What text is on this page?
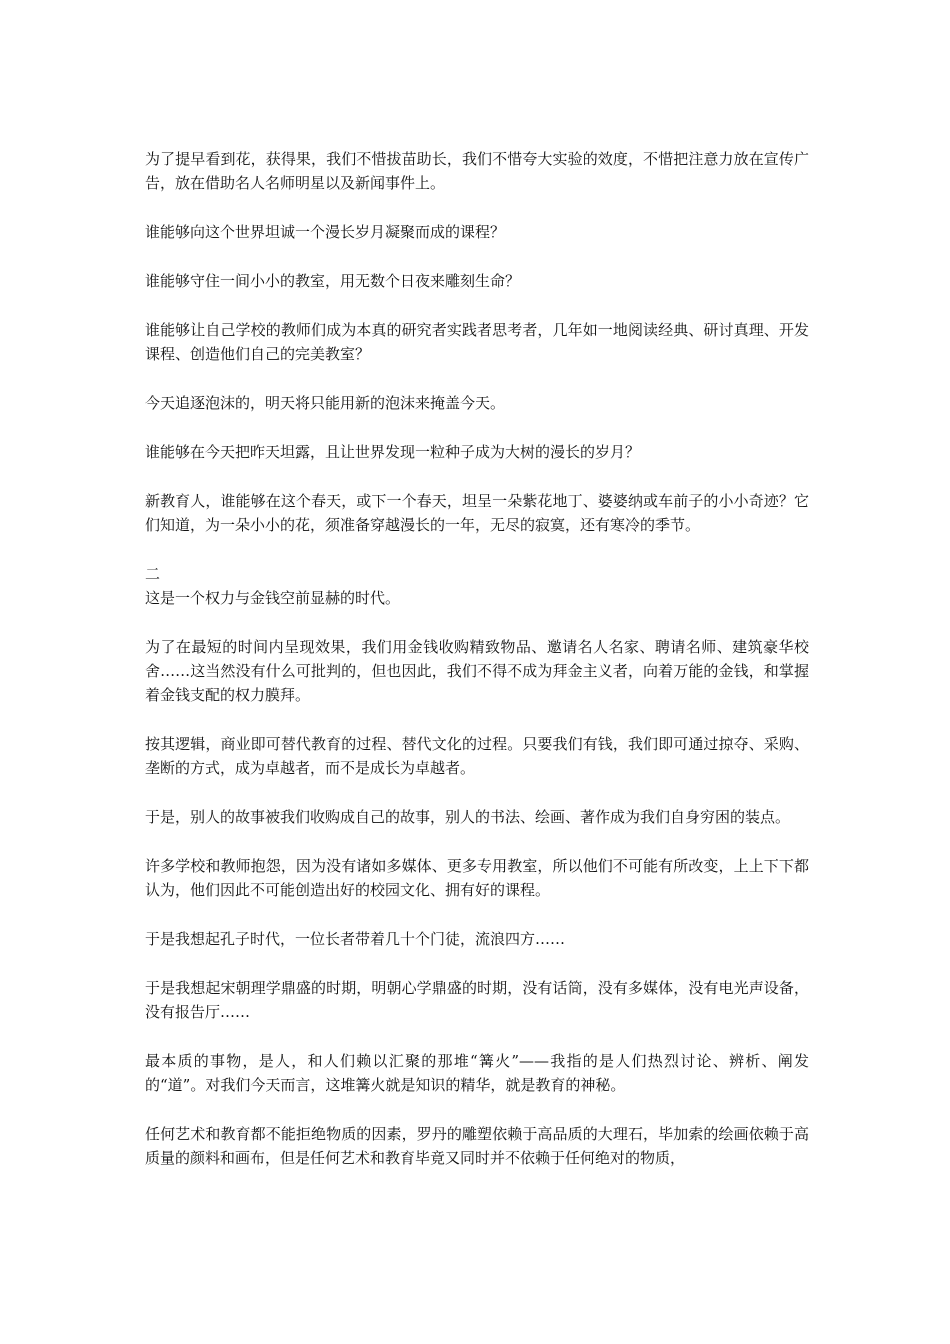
为了提早看到花，获得果，我们不惜拔苗助长，我们不惜夸大实验的效度，不惜把注意力放在宣传广告，放在借助名人名师明星以及新闻事件上。

谁能够向这个世界坦诚一个漫长岁月凝聚而成的课程？

谁能够守住一间小小的教室，用无数个日夜来雕刻生命？

谁能够让自己学校的教师们成为本真的研究者实践者思考者，几年如一地阅读经典、研讨真理、开发课程、创造他们自己的完美教室？

今天追逐泡沫的，明天将只能用新的泡沫来掩盖今天。

谁能够在今天把昨天坦露，且让世界发现一粒种子成为大树的漫长的岁月？

新教育人，谁能够在这个春天，或下一个春天，坦呈一朵紫花地丁、婆婆纳或车前子的小小奇迹？它们知道，为一朵小小的花，须准备穿越漫长的一年，无尽的寂寞，还有寒冷的季节。

二

这是一个权力与金钱空前显赫的时代。

为了在最短的时间内呈现效果，我们用金钱收购精致物品、邀请名人名家、聘请名师、建筑豪华校舍……这当然没有什么可批判的，但也因此，我们不得不成为拜金主义者，向着万能的金钱，和掌握着金钱支配的权力膜拜。

按其逻辑，商业即可替代教育的过程、替代文化的过程。只要我们有钱，我们即可通过掠夺、采购、垄断的方式，成为卓越者，而不是成长为卓越者。

于是，别人的故事被我们收购成自己的故事，别人的书法、绘画、著作成为我们自身穷困的装点。

许多学校和教师抱怨，因为没有诸如多媒体、更多专用教室，所以他们不可能有所改变，上上下下都认为，他们因此不可能创造出好的校园文化、拥有好的课程。

于是我想起孔子时代，一位长者带着几十个门徒，流浪四方……

于是我想起宋朝理学鼎盛的时期，明朝心学鼎盛的时期，没有话筒，没有多媒体，没有电光声设备，没有报告厅……

最本质的事物，是人，和人们赖以汇聚的那堆“篝火”——我指的是人们热烈讨论、辨析、阐发的“道”。对我们今天而言，这堆篝火就是知识的精华，就是教育的神秘。

任何艺术和教育都不能拒绝物质的因素，罗丹的雕塑依赖于高品质的大理石，毕加索的绘画依赖于高质量的颜料和画布，但是任何艺术和教育毕竟又同时并不依赖于任何绝对的物质，
